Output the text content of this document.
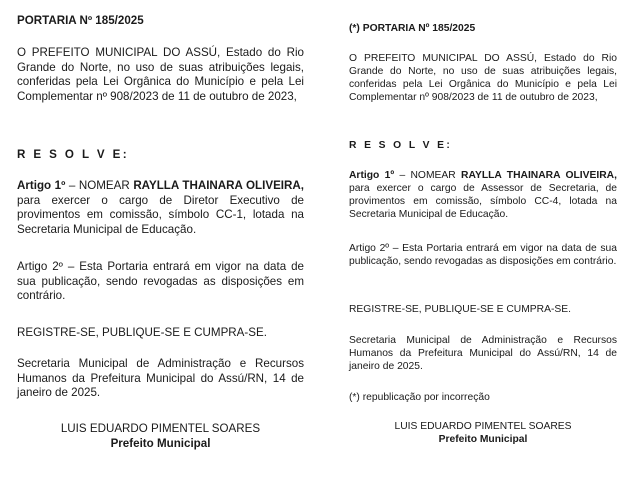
PORTARIA Nº 185/2025
O PREFEITO MUNICIPAL DO ASSÚ, Estado do Rio Grande do Norte, no uso de suas atribuições legais, conferidas pela Lei Orgânica do Município e pela Lei Complementar nº 908/2023 de 11 de outubro de 2023,
R E S O L V E:
Artigo 1º – NOMEAR RAYLLA THAINARA OLIVEIRA, para exercer o cargo de Diretor Executivo de provimentos em comissão, símbolo CC-1, lotada na Secretaria Municipal de Educação.
Artigo 2º – Esta Portaria entrará em vigor na data de sua publicação, sendo revogadas as disposições em contrário.
REGISTRE-SE, PUBLIQUE-SE E CUMPRA-SE.
Secretaria Municipal de Administração e Recursos Humanos da Prefeitura Municipal do Assú/RN, 14 de janeiro de 2025.
LUIS EDUARDO PIMENTEL SOARES
Prefeito Municipal
(*) PORTARIA Nº 185/2025
O PREFEITO MUNICIPAL DO ASSÚ, Estado do Rio Grande do Norte, no uso de suas atribuições legais, conferidas pela Lei Orgânica do Município e pela Lei Complementar nº 908/2023 de 11 de outubro de 2023,
R E S O L V E:
Artigo 1º – NOMEAR RAYLLA THAINARA OLIVEIRA, para exercer o cargo de Assessor de Secretaria, de provimentos em comissão, símbolo CC-4, lotada na Secretaria Municipal de Educação.
Artigo 2º – Esta Portaria entrará em vigor na data de sua publicação, sendo revogadas as disposições em contrário.
REGISTRE-SE, PUBLIQUE-SE E CUMPRA-SE.
Secretaria Municipal de Administração e Recursos Humanos da Prefeitura Municipal do Assú/RN, 14 de janeiro de 2025.
(*) republicação por incorreção
LUIS EDUARDO PIMENTEL SOARES
Prefeito Municipal
